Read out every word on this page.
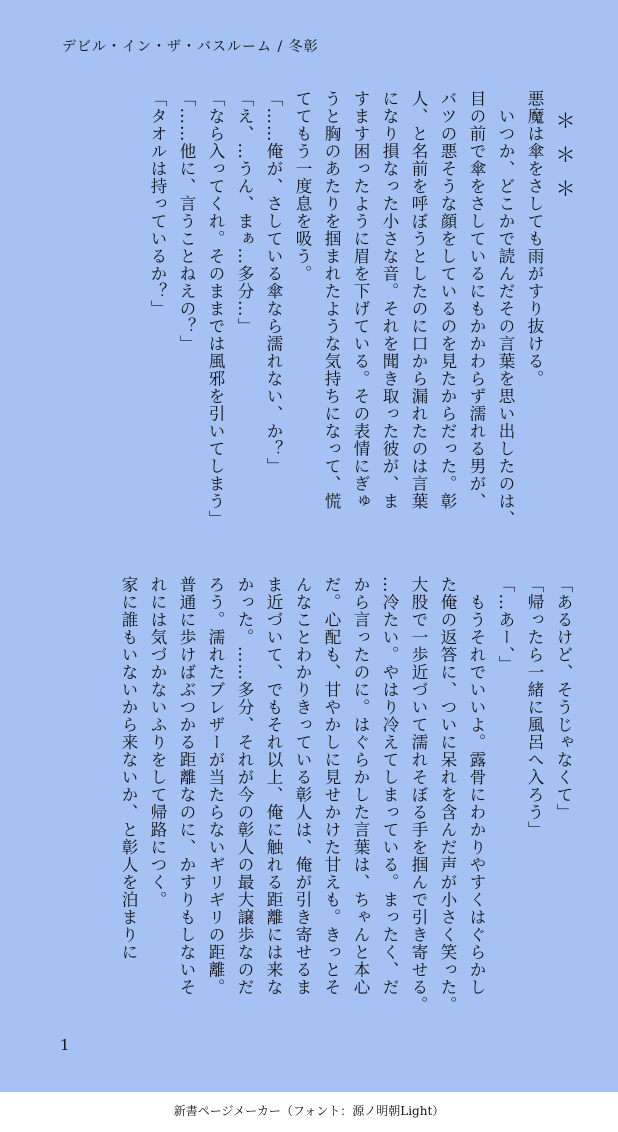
デビル・イン・ザ・バスルーム / 冬彰
＊＊＊
悪魔は傘をさしても雨がすり抜ける。
　いつか、どこかで読んだその言葉を思い出したのは、
目の前で傘をさしているにもかかわらず濡れる男が、
バツの悪そうな顔をしているのを見たからだった。彰
人、と名前を呼ぼうとしたのに口から漏れたのは言葉
になり損なった小さな音。それを聞き取った彼が、ま
すます困ったように眉を下げている。その表情にぎゅ
うと胸のあたりを掴まれたような気持ちになって、慌
ててもう一度息を吸う。
「……俺が、さしている傘なら濡れない、か？」
「え、…うん、まぁ…多分…」
「なら入ってくれ。そのままでは風邪を引いてしまう」
「……他に、言うことねえの？」
「タオルは持っているか？」
「あるけど、そうじゃなくて」
「帰ったら一緒に風呂へ入ろう」
「…あー、」
　もうそれでいいよ。露骨にわかりやすくはぐらかし
た俺の返答に、ついに呆れを含んだ声が小さく笑った。
大股で一歩近づいて濡れそぼる手を掴んで引き寄せる。
…冷たい。やはり冷えてしまっている。まったく、だ
から言ったのに。はぐらかした言葉は、ちゃんと本心
だ。心配も、甘やかしに見せかけた甘えも。きっとそ
んなことわかりきっている彰人は、俺が引き寄せるま
ま近づいて、でもそれ以上、俺に触れる距離には来な
かった。……多分、それが今の彰人の最大譲歩なのだ
ろう。濡れたブレザーが当たらないギリギリの距離。
普通に歩けばぶつかる距離なのに、かすりもしないそ
れには気づかないふりをして帰路につく。
家に誰もいないから来ないか、と彰人を泊まりに
1
新書ページメーカー（フォント：源ノ明朝Light）
